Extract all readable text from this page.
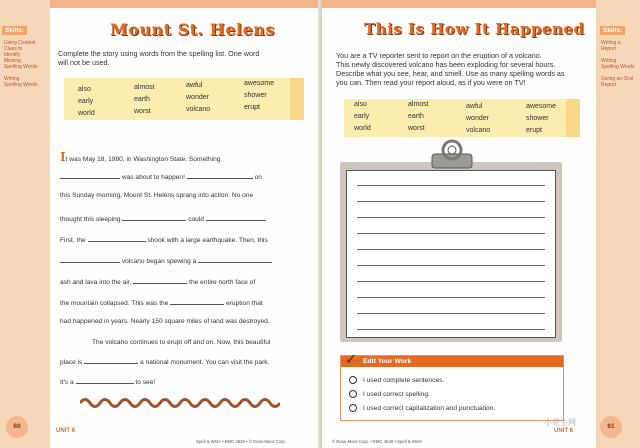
Skills:
Using Context
Clues to
Identify
Missing
Spelling Words
Writing
Spelling Words
Mount St. Helens
Complete the story using words from the spelling list. One word
will not be used.
also	almost	awful	awesome
early	earth	wonder	shower
world	worst	volcano	erupt
It was May 18, 1980, in Washington State. Something
was about to happen!	on
this Sunday morning, Mount St. Helens sprang into action. No one
thought this sleeping	could
First, the	shook with a large earthquake. Then, this
volcano began spewing a
ash and lava into the air.	the entire north face of
the mountain collapsed. This was the	eruption that
had happened in years. Nearly 150 square miles of land was destroyed.
The volcano continues to erupt off and on. Now, this beautiful
place is	a national monument. You can visit the park.
It's a	to see!
60
UNIT 6
Spell & Write • EMC 4540 • © Evan-Moor Corp.
Skills:
Writing a
Report
Writing
Spelling Words
Giving an Oral
Report
This Is How It Happened
You are a TV reporter sent to report on the eruption of a volcano.
This newly discovered volcano has been exploding for several hours.
Describe what you see, hear, and smell. Use as many spelling words as
you can. Then read your report aloud, as if you were on TV!
also	almost	awful	awesome
early	earth	wonder	shower
world	worst	volcano	erupt
✓ Edit Your Work
I used complete sentences.
I used correct spelling.
I used correct capitalization and punctuation.
© Evan-Moor Corp. • EMC 4540 • Spell & Write
UNIT 6
小花生网	61
